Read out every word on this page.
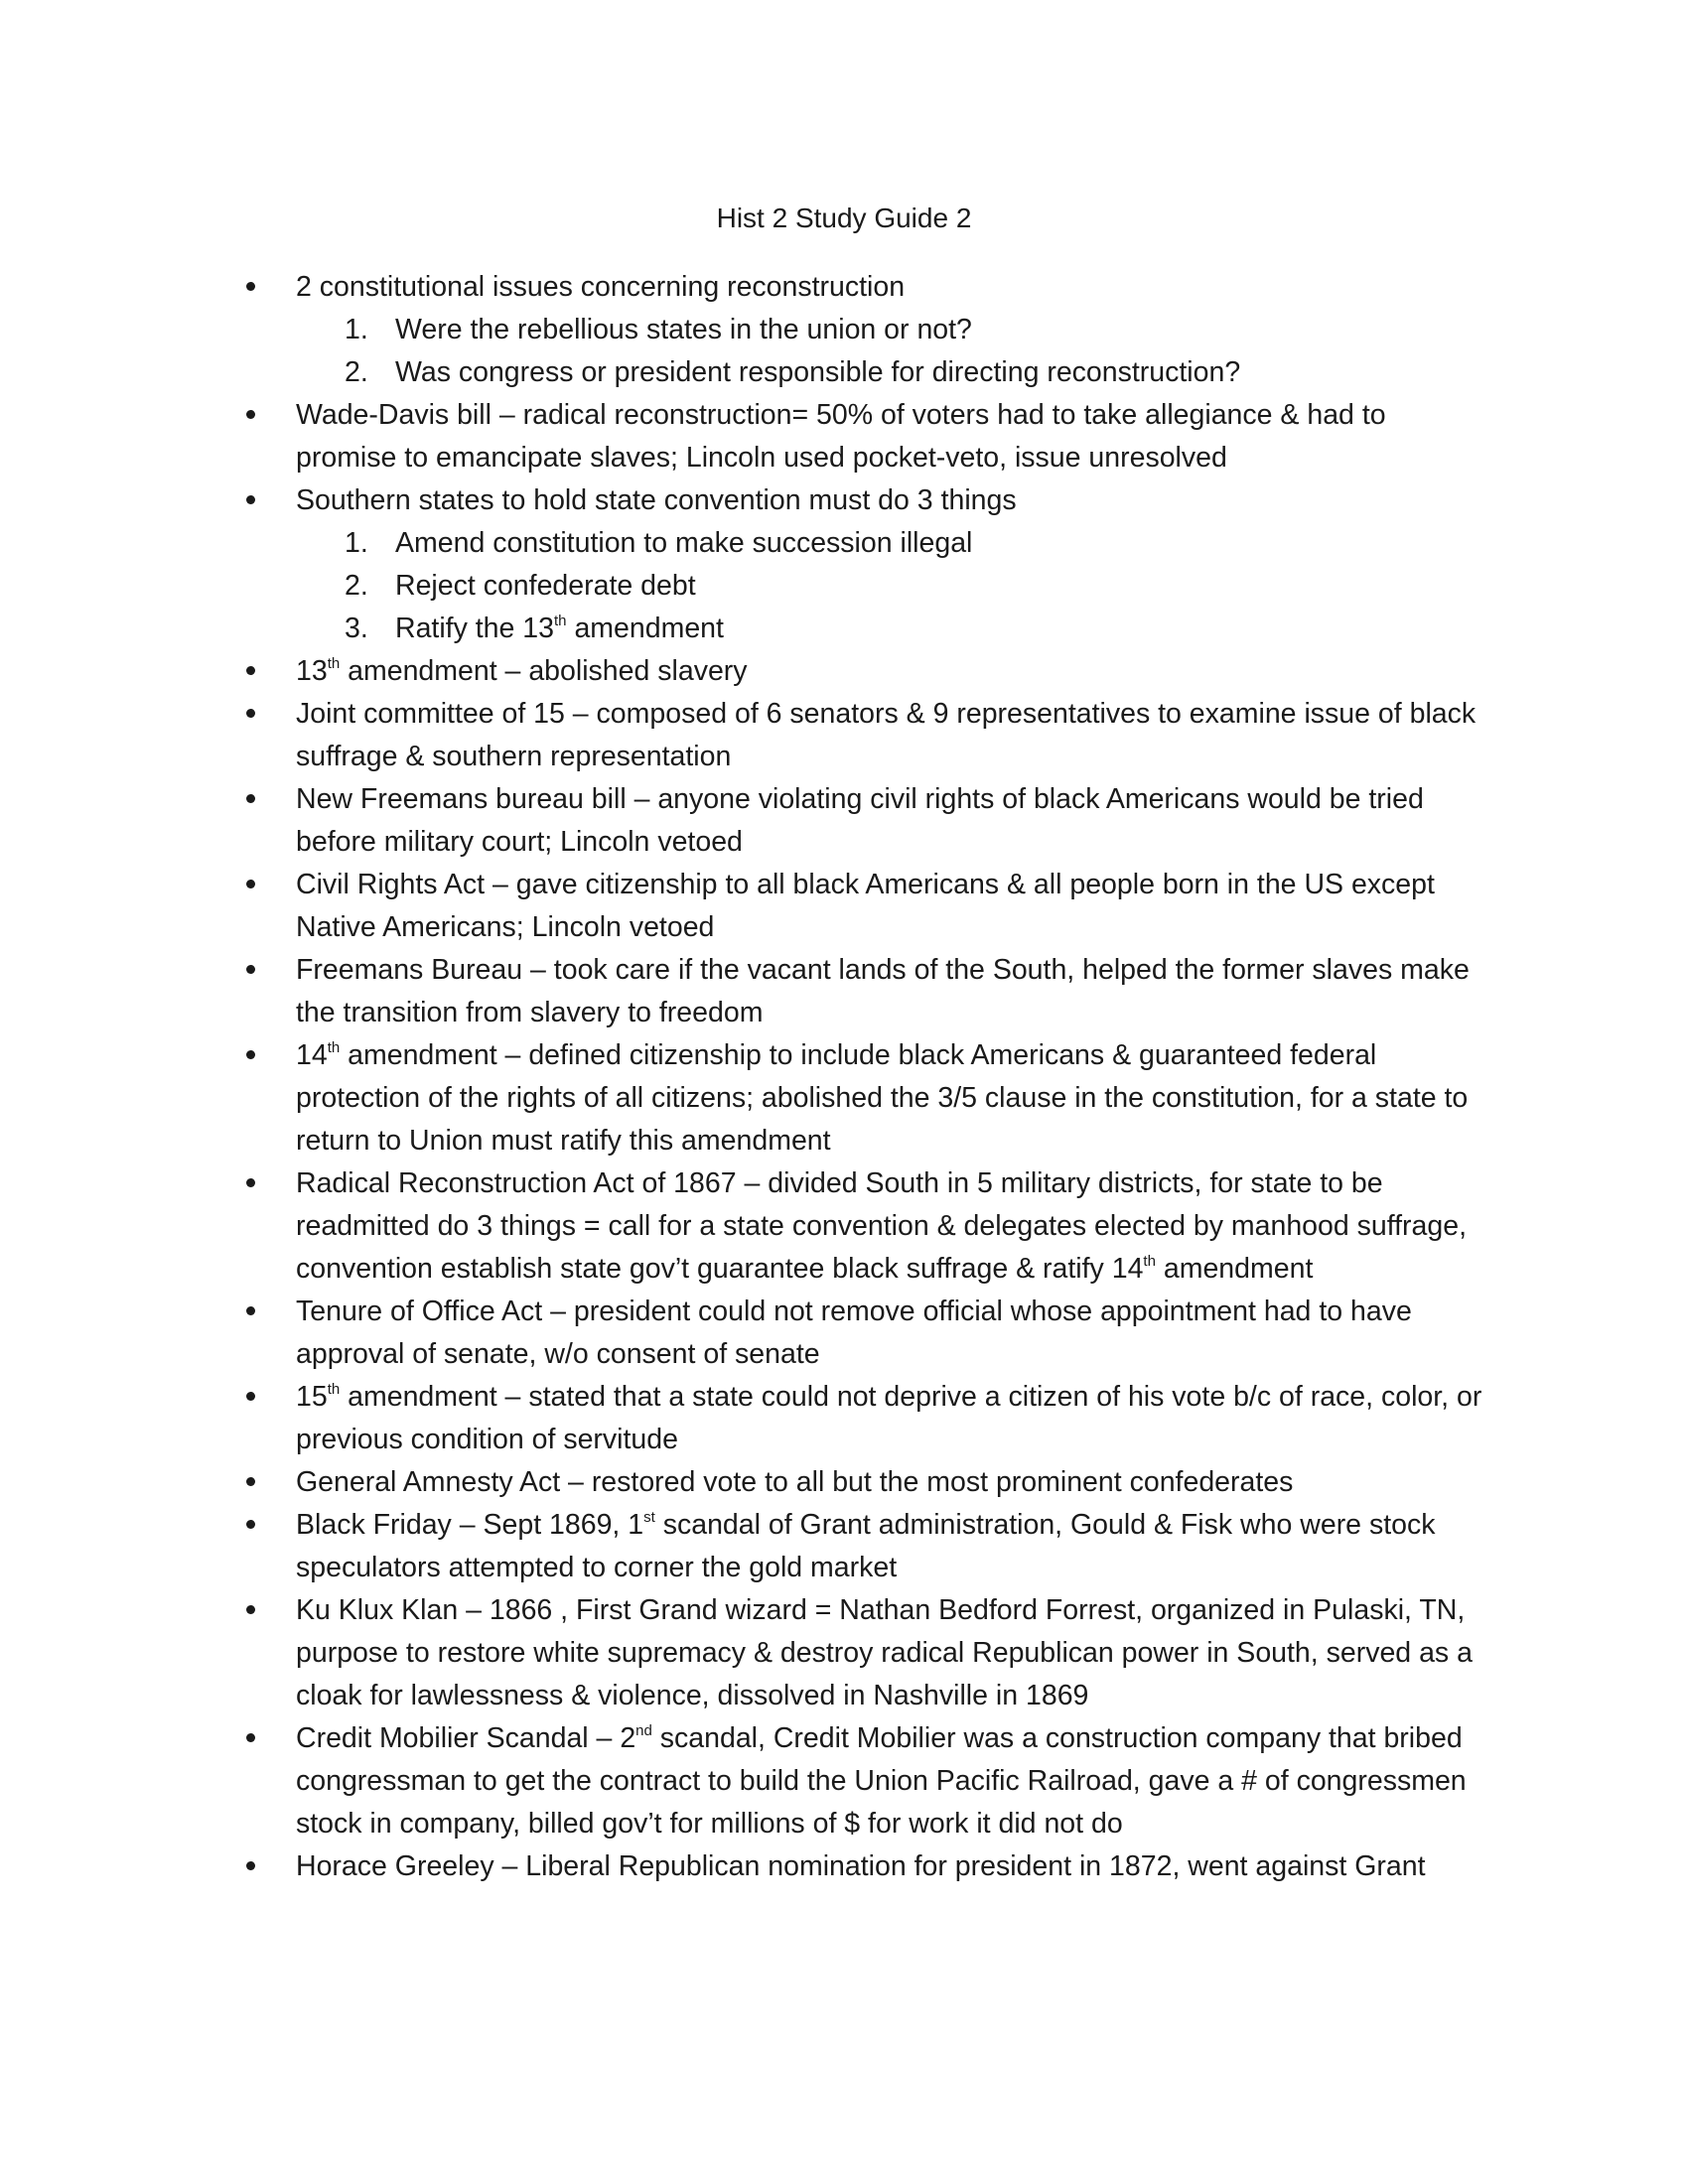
Hist 2 Study Guide 2
2 constitutional issues concerning reconstruction
1. Were the rebellious states in the union or not?
2. Was congress or president responsible for directing reconstruction?
Wade-Davis bill – radical reconstruction= 50% of voters had to take allegiance & had to promise to emancipate slaves; Lincoln used pocket-veto, issue unresolved
Southern states to hold state convention must do 3 things
1. Amend constitution to make succession illegal
2. Reject confederate debt
3. Ratify the 13th amendment
13th amendment – abolished slavery
Joint committee of 15 – composed of 6 senators & 9 representatives to examine issue of black suffrage & southern representation
New Freemans bureau bill – anyone violating civil rights of black Americans would be tried before military court; Lincoln vetoed
Civil Rights Act – gave citizenship to all black Americans & all people born in the US except Native Americans; Lincoln vetoed
Freemans Bureau – took care if the vacant lands of the South, helped the former slaves make the transition from slavery to freedom
14th amendment – defined citizenship to include black Americans & guaranteed federal protection of the rights of all citizens; abolished the 3/5 clause in the constitution, for a state to return to Union must ratify this amendment
Radical Reconstruction Act of 1867 – divided South in 5 military districts, for state to be readmitted do 3 things = call for a state convention & delegates elected by manhood suffrage, convention establish state gov’t guarantee black suffrage & ratify 14th amendment
Tenure of Office Act – president could not remove official whose appointment had to have approval of senate, w/o consent of senate
15th amendment – stated that a state could not deprive a citizen of his vote b/c of race, color, or previous condition of servitude
General Amnesty Act – restored vote to all but the most prominent confederates
Black Friday – Sept 1869, 1st scandal of Grant administration, Gould & Fisk who were stock speculators attempted to corner the gold market
Ku Klux Klan – 1866 , First Grand wizard = Nathan Bedford Forrest, organized in Pulaski, TN, purpose to restore white supremacy & destroy radical Republican power in South, served as a cloak for lawlessness & violence, dissolved in Nashville in 1869
Credit Mobilier Scandal – 2nd scandal, Credit Mobilier was a construction company that bribed congressman to get the contract to build the Union Pacific Railroad, gave a # of congressmen stock in company, billed gov’t for millions of $ for work it did not do
Horace Greeley – Liberal Republican nomination for president in 1872, went against Grant
